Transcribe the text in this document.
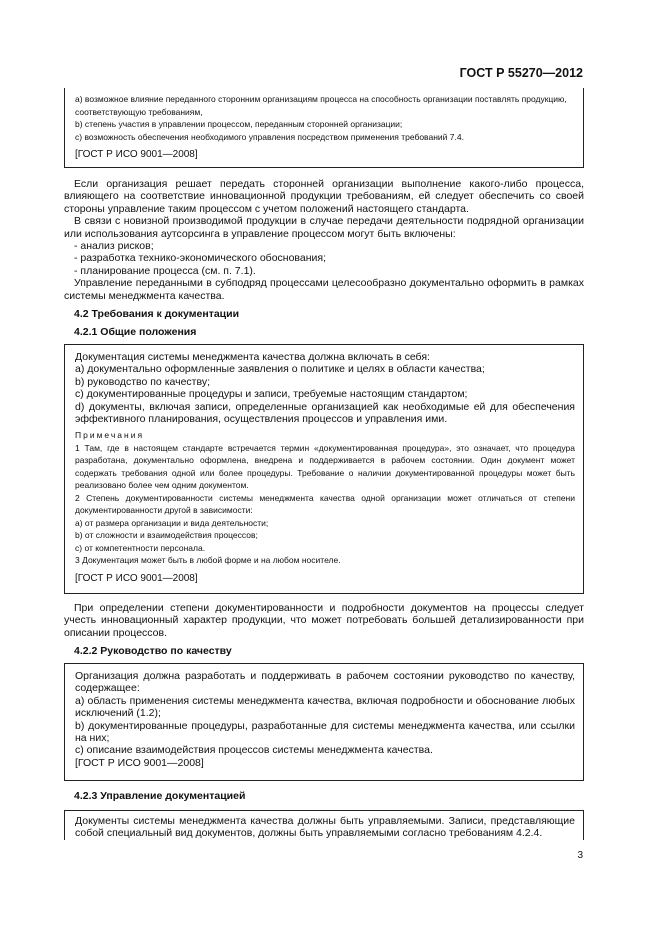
ГОСТ Р 55270—2012
a) возможное влияние переданного сторонним организациям процесса на способность организации поставлять продукцию, соответствующую требованиям,
b) степень участия в управлении процессом, переданным сторонней организации;
c) возможность обеспечения необходимого управления посредством применения требований 7.4.
[ГОСТ Р ИСО 9001—2008]
Если организация решает передать сторонней организации выполнение какого-либо процесса, влияющего на соответствие инновационной продукции требованиям, ей следует обеспечить со своей стороны управление таким процессом с учетом положений настоящего стандарта.
В связи с новизной производимой продукции в случае передачи деятельности подрядной организации или использования аутсорсинга в управление процессом могут быть включены:
- анализ рисков;
- разработка технико-экономического обоснования;
- планирование процесса (см. п. 7.1).
Управление переданными в субподряд процессами целесообразно документально оформить в рамках системы менеджмента качества.
4.2 Требования к документации
4.2.1 Общие положения
Документация системы менеджмента качества должна включать в себя:
a) документально оформленные заявления о политике и целях в области качества;
b) руководство по качеству;
c) документированные процедуры и записи, требуемые настоящим стандартом;
d) документы, включая записи, определенные организацией как необходимые ей для обеспечения эффективного планирования, осуществления процессов и управления ими.
Примечания
1 Там, где в настоящем стандарте встречается термин «документированная процедура», это означает, что процедура разработана, документально оформлена, внедрена и поддерживается в рабочем состоянии. Один документ может содержать требования одной или более процедуры. Требование о наличии документированной процедуры может быть реализовано более чем одним документом.
2 Степень документированности системы менеджмента качества одной организации может отличаться от степени документированности другой в зависимости:
a) от размера организации и вида деятельности;
b) от сложности и взаимодействия процессов;
c) от компетентности персонала.
3 Документация может быть в любой форме и на любом носителе.
[ГОСТ Р ИСО 9001—2008]
При определении степени документированности и подробности документов на процессы следует учесть инновационный характер продукции, что может потребовать большей детализированности при описании процессов.
4.2.2 Руководство по качеству
Организация должна разработать и поддерживать в рабочем состоянии руководство по качеству, содержащее:
a) область применения системы менеджмента качества, включая подробности и обоснование любых исключений (1.2);
b) документированные процедуры, разработанные для системы менеджмента качества, или ссылки на них;
c) описание взаимодействия процессов системы менеджмента качества.
[ГОСТ Р ИСО 9001—2008]
4.2.3 Управление документацией
Документы системы менеджмента качества должны быть управляемыми. Записи, представляющие собой специальный вид документов, должны быть управляемыми согласно требованиям 4.2.4.
3
